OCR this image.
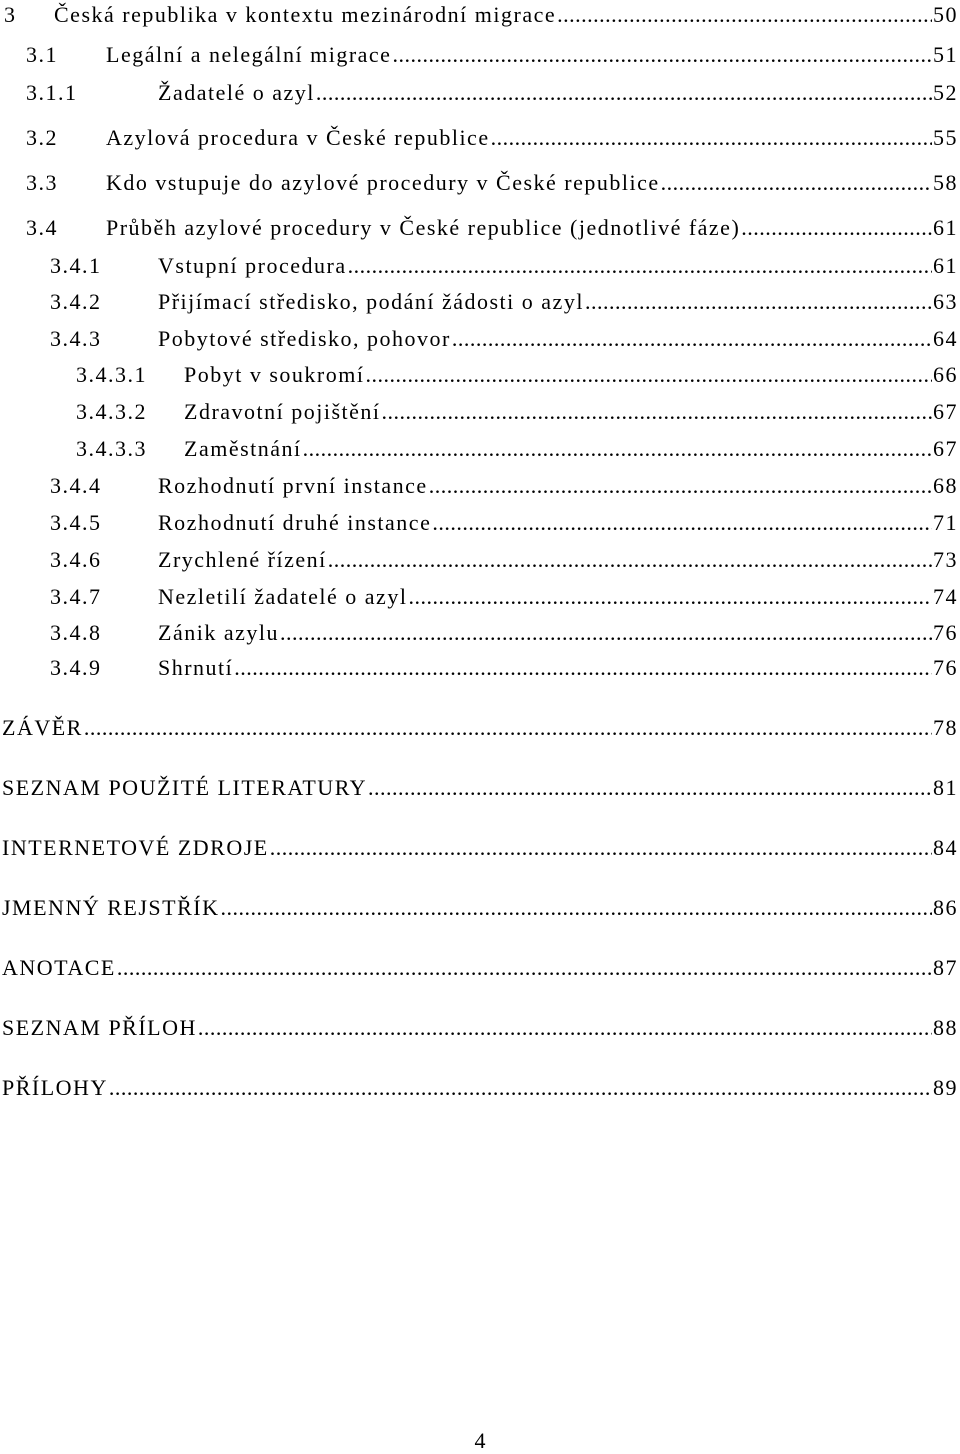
3	Česká republika v kontextu mezinárodní migrace .....	50
3.1	Legální a nelegální migrace .....	51
3.1.1	Žadatelé o azyl .....	52
3.2	Azylová procedura v České republice .....	55
3.3	Kdo vstupuje do azylové procedury v České republice .....	58
3.4	Průběh azylové procedury v České republice (jednotlivé fáze) .....	61
3.4.1	Vstupní procedura .....	61
3.4.2	Přijímací středisko, podání žádosti o azyl .....	63
3.4.3	Pobytové středisko, pohovor .....	64
3.4.3.1	Pobyt v soukromí .....	66
3.4.3.2	Zdravotní pojištění .....	67
3.4.3.3	Zaměstnání .....	67
3.4.4	Rozhodnutí první instance .....	68
3.4.5	Rozhodnutí druhé instance .....	71
3.4.6	Zrychlené řízení .....	73
3.4.7	Nezletilí žadatelé o azyl .....	74
3.4.8	Zánik azylu .....	76
3.4.9	Shrnutí .....	76
ZÁVĚR .....	78
SEZNAM POUŽITÉ LITERATURY .....	81
INTERNETOVÉ ZDROJE .....	84
JMENNÝ REJSTŘÍK .....	86
ANOTACE .....	87
SEZNAM PŘÍLOH .....	88
PŘÍLOHY .....	89
4
